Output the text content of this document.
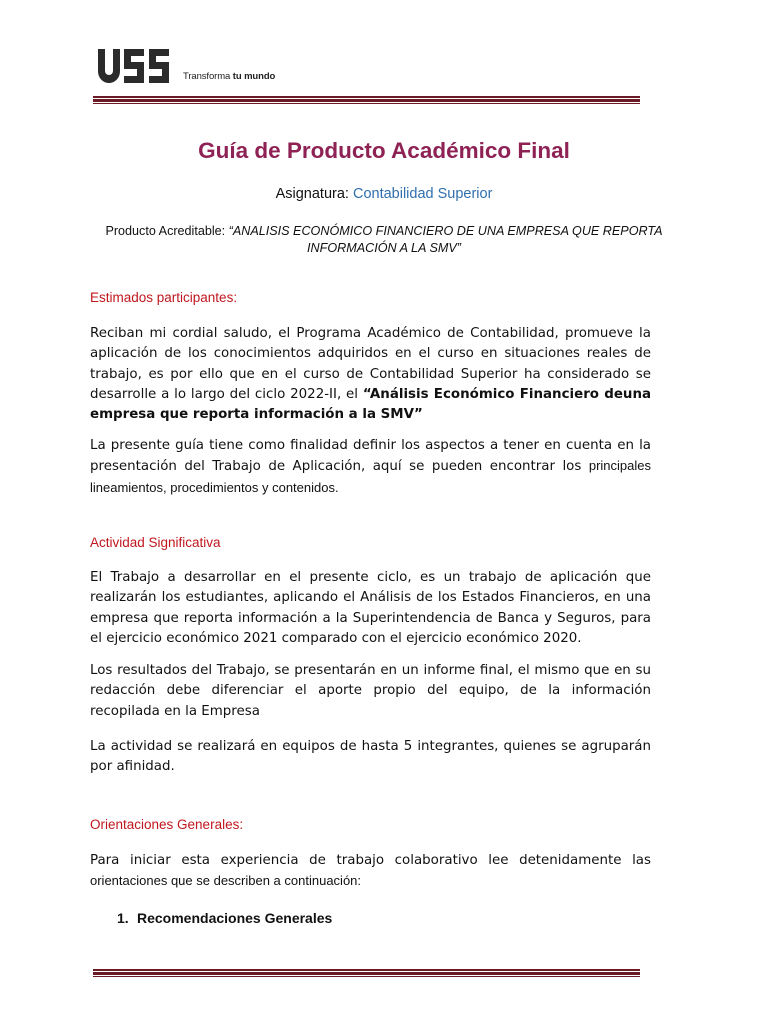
Transforma tu mundo
Guía de Producto Académico Final
Asignatura: Contabilidad Superior
Producto Acreditable: “ANALISIS ECONÓMICO FINANCIERO DE UNA EMPRESA QUE REPORTA INFORMACIÓN A LA SMV”
Estimados participantes:

Reciban mi cordial saludo, el Programa Académico de Contabilidad, promueve la aplicación de los conocimientos adquiridos en el curso en situaciones reales de trabajo, es por ello que en el curso de Contabilidad Superior ha considerado se desarrolle a lo largo del ciclo 2022-II, el “Análisis Económico Financiero deuna empresa que reporta información a la SMV”

La presente guía tiene como finalidad definir los aspectos a tener en cuenta en la presentación del Trabajo de Aplicación, aquí se pueden encontrar los principales lineamientos, procedimientos y contenidos.

Actividad Significativa

El Trabajo a desarrollar en el presente ciclo, es un trabajo de aplicación que realizarán los estudiantes, aplicando el Análisis de los Estados Financieros, en una empresa que reporta información a la Superintendencia de Banca y Seguros, para el ejercicio económico 2021 comparado con el ejercicio económico 2020.

Los resultados del Trabajo, se presentarán en un informe final, el mismo que en su redacción debe diferenciar el aporte propio del equipo, de la información recopilada en la Empresa

La actividad se realizará en equipos de hasta 5 integrantes, quienes se agruparán por afinidad.

Orientaciones Generales:

Para iniciar esta experiencia de trabajo colaborativo lee detenidamente las orientaciones que se describen a continuación:

1. Recomendaciones Generales
